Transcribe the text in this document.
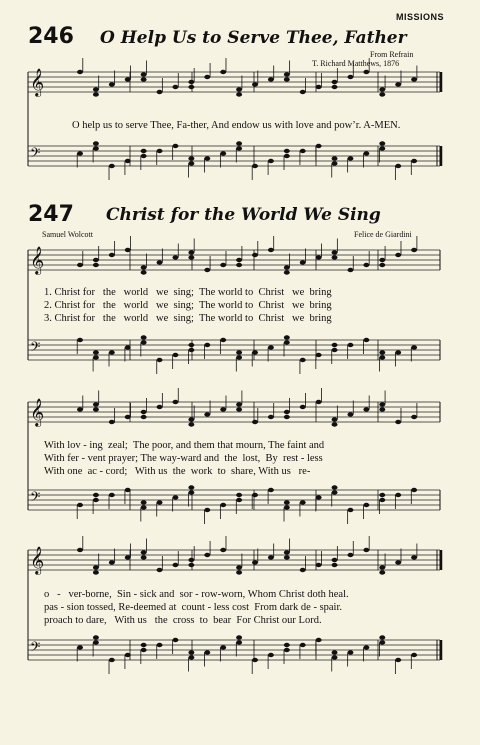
MISSIONS
246 O Help Us to Serve Thee, Father
From Refrain
T. Richard Matthews, 1876
𝄞
𝄢
𝄞
𝄢
𝄞
𝄢
𝄞
𝄢
O help us to serve Thee, Fa-ther, And endow us with love and pow’r. A-MEN.
247 Christ for the World We Sing
Samuel Wolcott	Felice de Giardini
1. Christ for   the   world   we  sing;  The world to  Christ   we  bring
2. Christ for   the   world   we  sing;  The world to  Christ   we  bring
3. Christ for   the   world   we  sing;  The world to  Christ   we  bring
With lov - ing  zeal;  The poor, and them that mourn, The faint and
With fer - vent prayer; The way-ward and  the  lost,  By  rest - less
With one  ac - cord;   With us  the  work  to  share, With us   re-
o   -   ver-borne,  Sin - sick and  sor - row-worn, Whom Christ doth heal.
pas - sion tossed, Re-deemed at  count - less cost  From dark de - spair.
proach to dare,   With us   the  cross  to  bear  For Christ our Lord.
